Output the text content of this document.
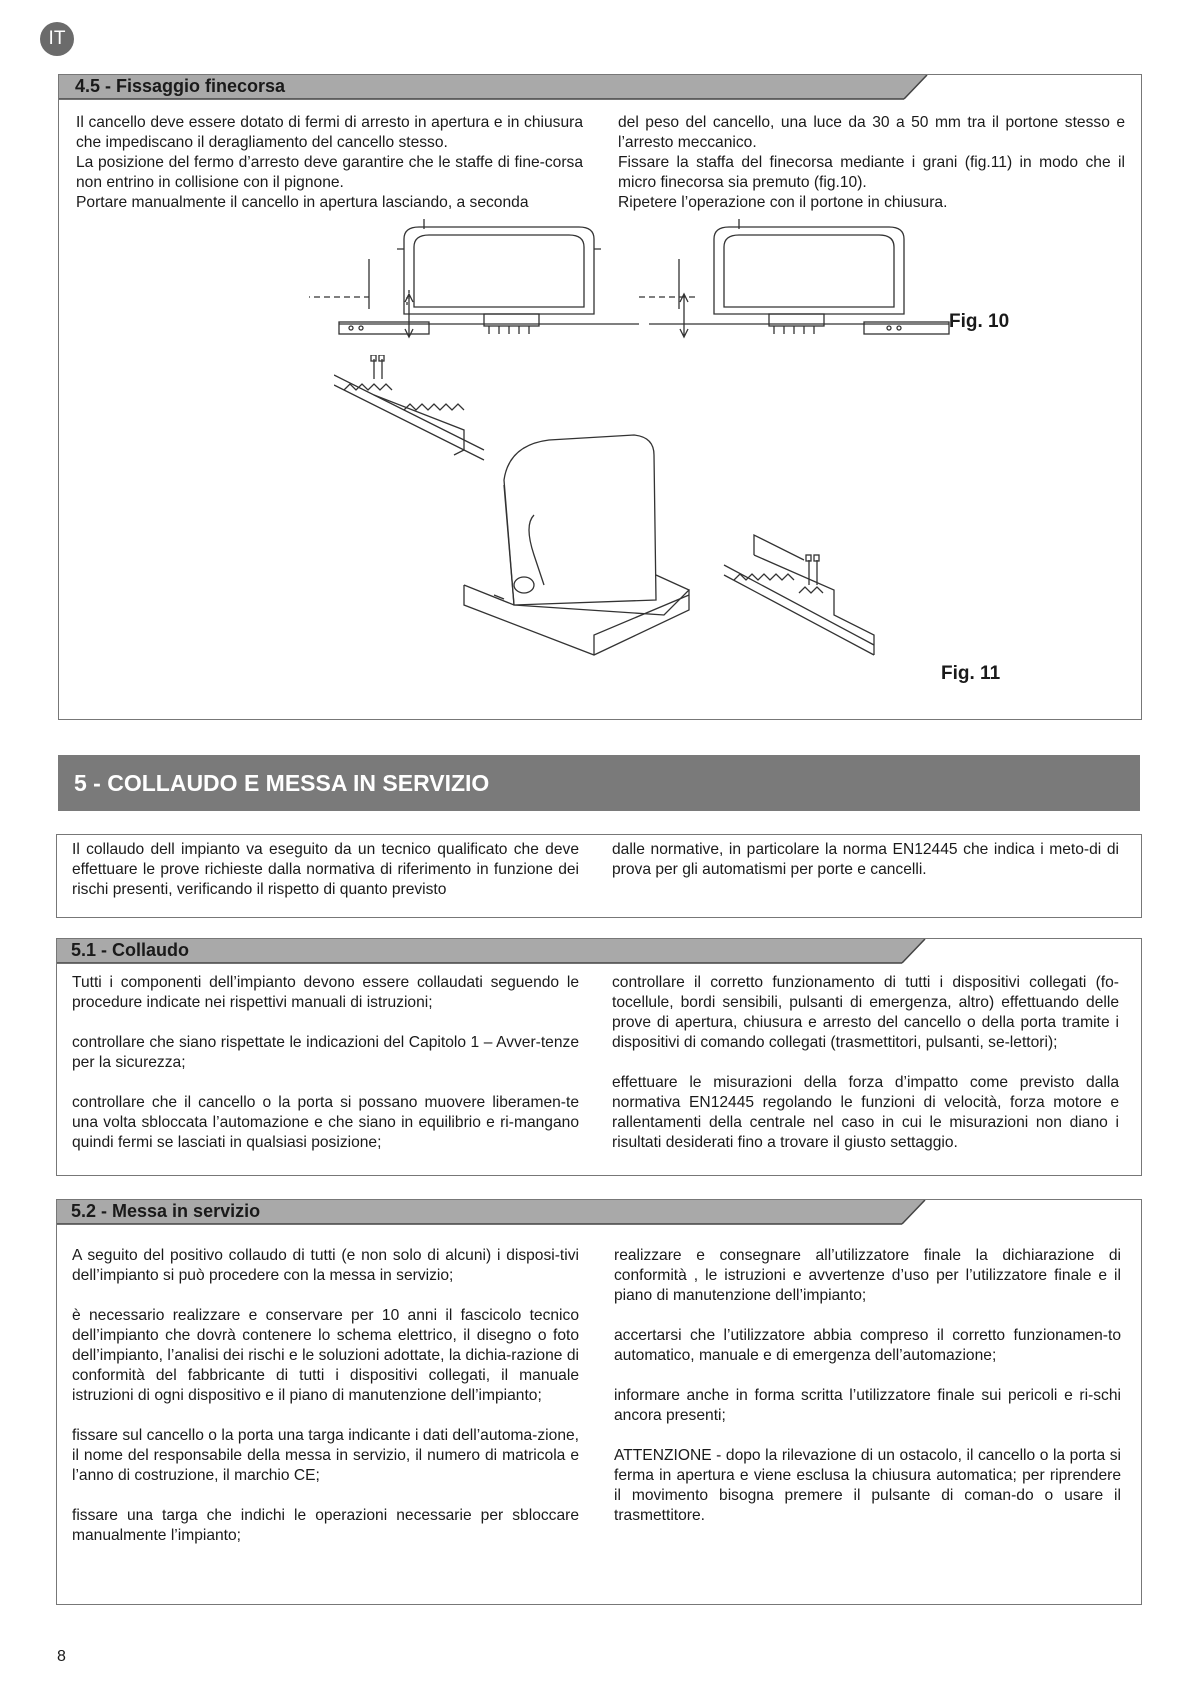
IT
4.5 - Fissaggio finecorsa

Il cancello deve essere dotato di fermi di arresto in apertura e in chiusura che impediscano il deragliamento del cancello stesso.

La posizione del fermo d’arresto deve garantire che le staffe di fine-corsa non entrino in collisione con il pignone.

Portare manualmente il cancello in apertura lasciando, a seconda

del peso del cancello, una luce da 30 a 50 mm tra il portone stesso e l’arresto meccanico.

Fissare la staffa del finecorsa mediante i grani (fig.11) in modo che il micro finecorsa sia premuto (fig.10).

Ripetere l’operazione con il portone in chiusura.

Fig. 10
Fig. 11
5 - COLLAUDO E MESSA IN SERVIZIO

Il collaudo dell impianto va eseguito da un tecnico qualificato che deve effettuare le prove richieste dalla normativa di riferimento in funzione dei rischi presenti, verificando il rispetto di quanto previsto

dalle normative, in particolare la norma EN12445 che indica i meto-di di prova per gli automatismi per porte e cancelli.

5.1 - Collaudo

Tutti i componenti dell’impianto devono essere collaudati seguendo le procedure indicate nei rispettivi manuali di istruzioni;

controllare che siano rispettate le indicazioni del Capitolo 1 – Avver-tenze per la sicurezza;

controllare che il cancello o la porta si possano muovere liberamen-te una volta sbloccata l’automazione e che siano in equilibrio e ri-mangano quindi fermi se lasciati in qualsiasi posizione;

controllare il corretto funzionamento di tutti i dispositivi collegati (fo-tocellule, bordi sensibili, pulsanti di emergenza, altro) effettuando delle prove di apertura, chiusura e arresto del cancello o della porta tramite i dispositivi di comando collegati (trasmettitori, pulsanti, se-lettori);

effettuare le misurazioni della forza d’impatto come previsto dalla normativa EN12445 regolando le funzioni di velocità, forza motore e rallentamenti della centrale nel caso in cui le misurazioni non diano i risultati desiderati fino a trovare il giusto settaggio.

5.2 - Messa in servizio

A seguito del positivo collaudo di tutti (e non solo di alcuni) i disposi-tivi dell’impianto si può procedere con la messa in servizio;

è necessario realizzare e conservare per 10 anni il fascicolo tecnico dell’impianto che dovrà contenere lo schema elettrico, il disegno o foto dell’impianto, l’analisi dei rischi e le soluzioni adottate, la dichia-razione di conformità del fabbricante di tutti i dispositivi collegati, il manuale istruzioni di ogni dispositivo e il piano di manutenzione dell’impianto;

fissare sul cancello o la porta una targa indicante i dati dell’automa-zione, il nome del responsabile della messa in servizio, il numero di matricola e l’anno di costruzione, il marchio CE;

fissare una targa che indichi le operazioni necessarie per sbloccare manualmente l’impianto;

realizzare e consegnare all’utilizzatore finale la dichiarazione di conformità , le istruzioni e avvertenze d’uso per l’utilizzatore finale e il piano di manutenzione dell’impianto;

accertarsi che l’utilizzatore abbia compreso il corretto funzionamen-to automatico, manuale e di emergenza dell’automazione;

informare anche in forma scritta l’utilizzatore finale sui pericoli e ri-schi ancora presenti;

ATTENZIONE - dopo la rilevazione di un ostacolo, il cancello o la porta si ferma in apertura e viene esclusa la chiusura automatica; per riprendere il movimento bisogna premere il pulsante di coman-do o usare il trasmettitore.

8
